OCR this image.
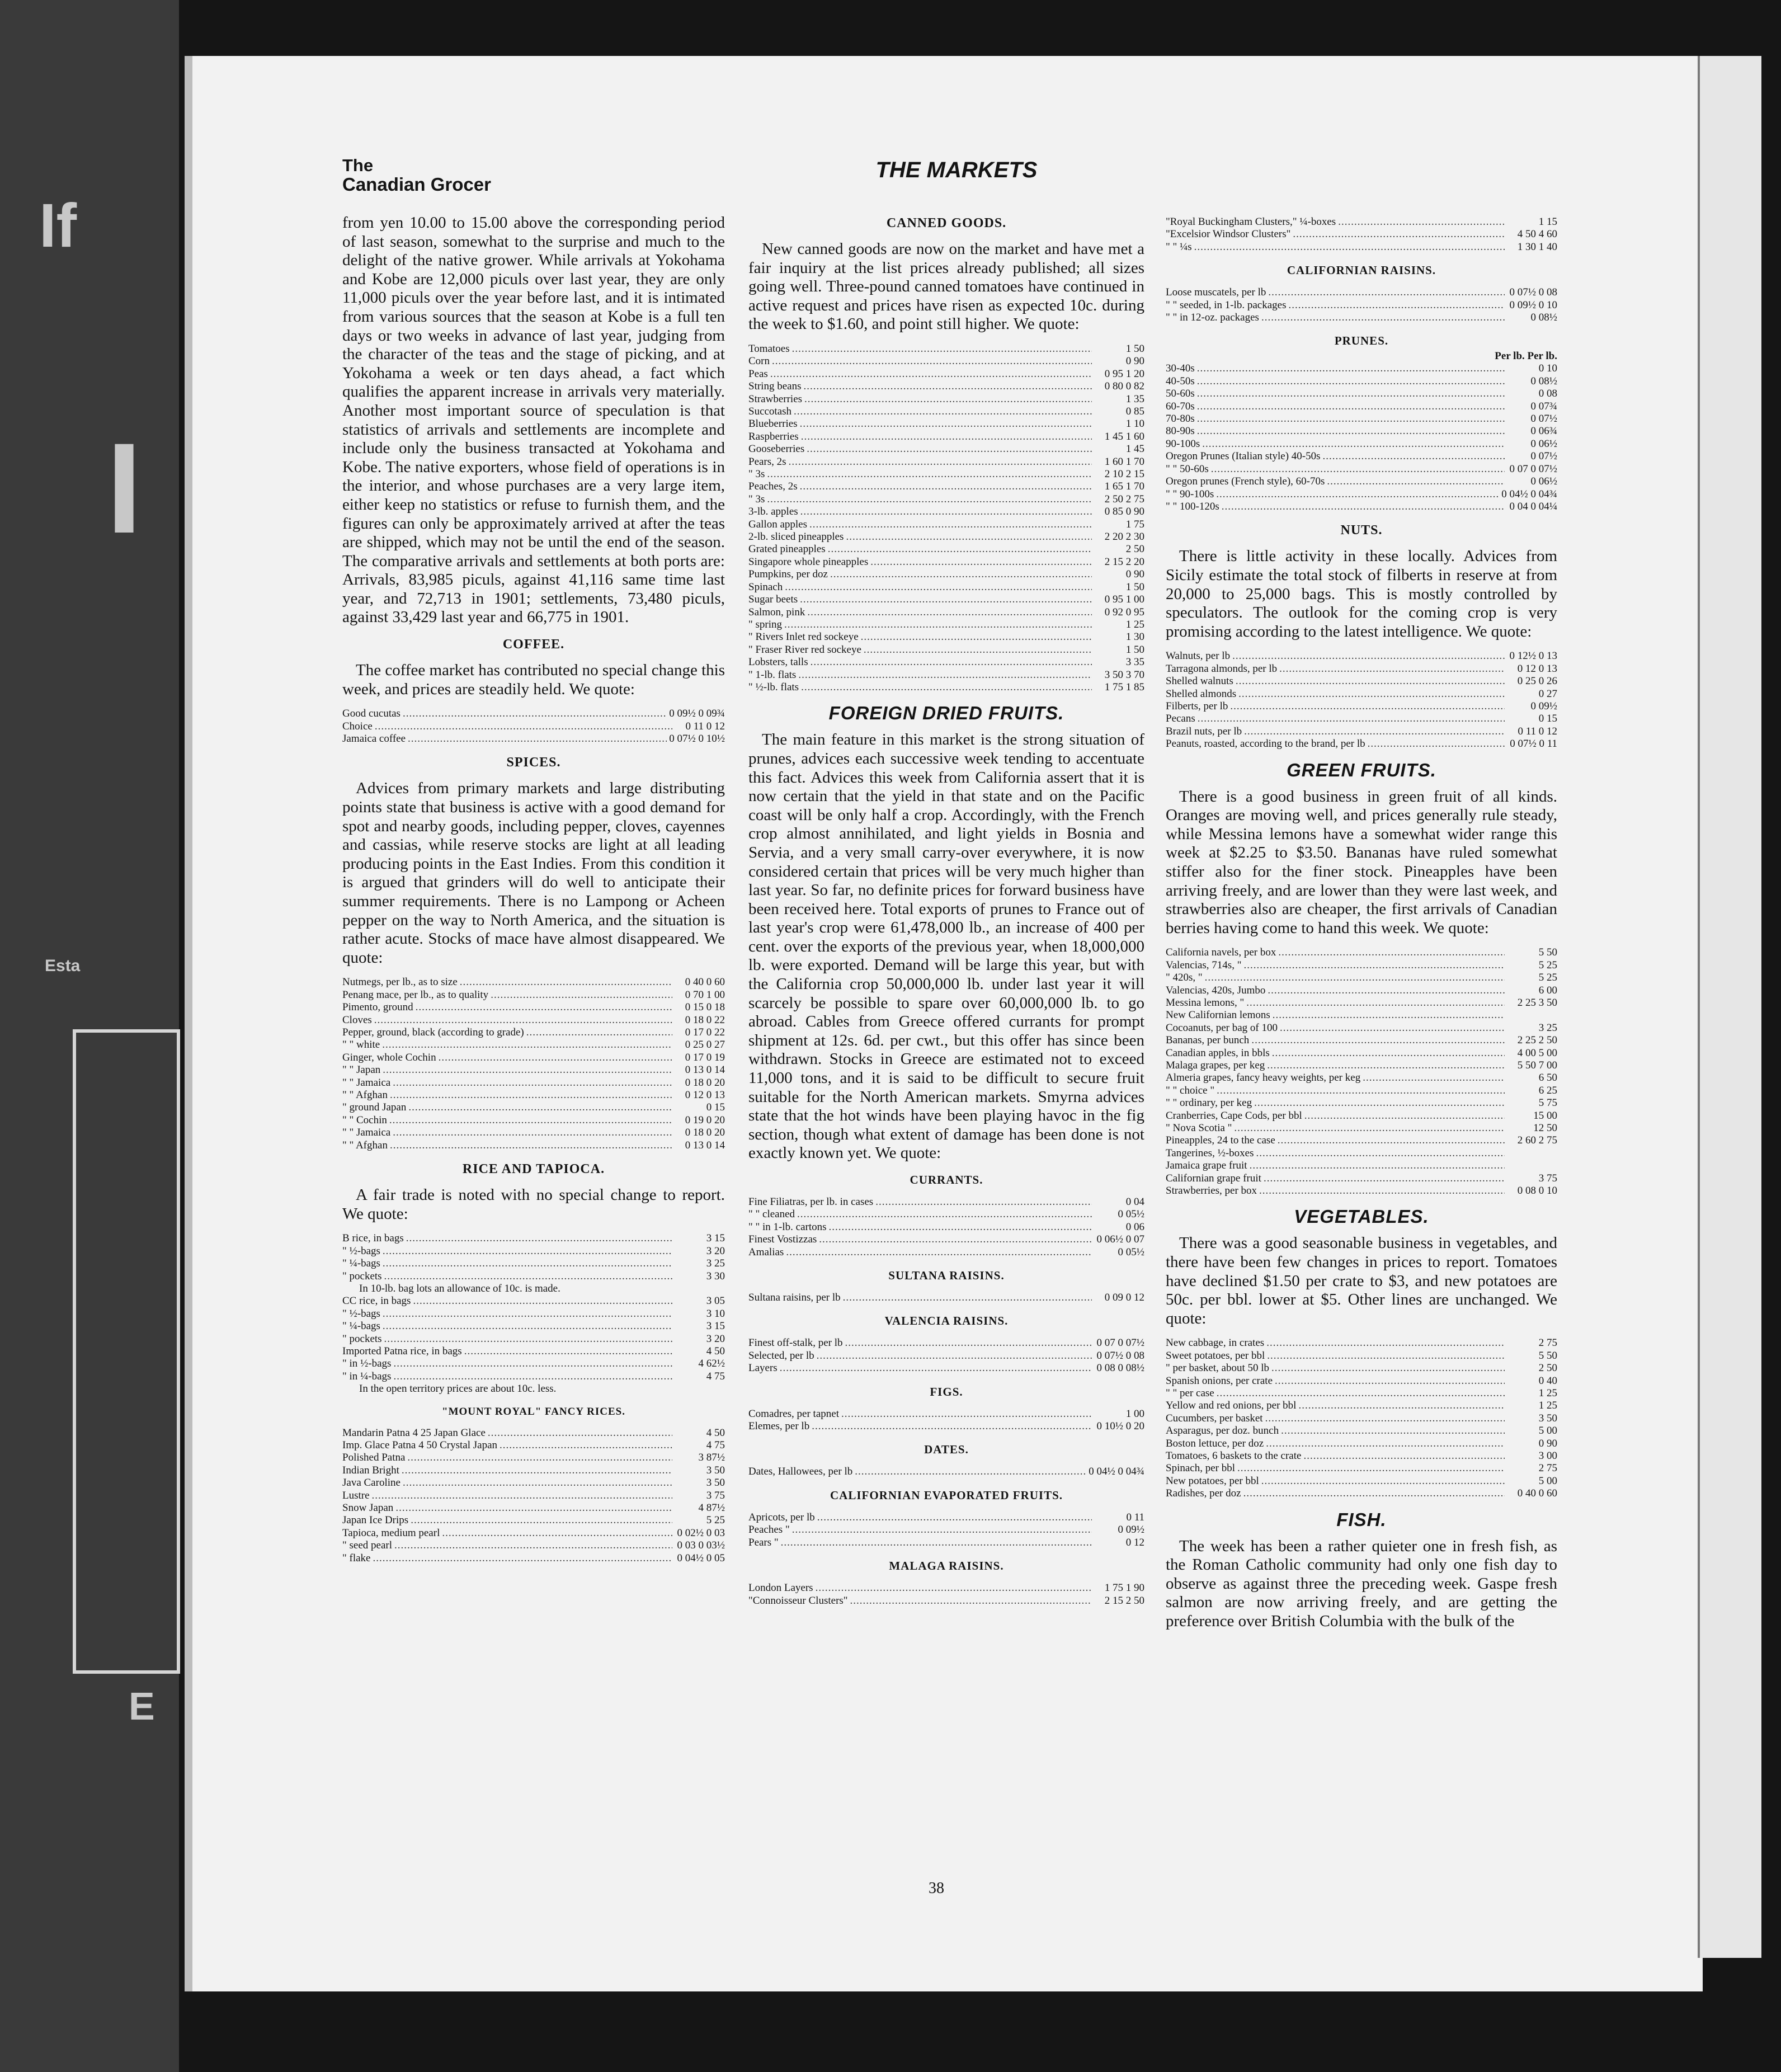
If
I
Esta
E
The
Canadian Grocer
THE MARKETS

from yen 10.00 to 15.00 above the corresponding period of last season, somewhat to the surprise and much to the delight of the native grower. While arrivals at Yokohama and Kobe are 12,000 piculs over last year, they are only 11,000 piculs over the year before last, and it is intimated from various sources that the season at Kobe is a full ten days or two weeks in advance of last year, judging from the character of the teas and the stage of picking, and at Yokohama a week or ten days ahead, a fact which qualifies the apparent increase in arrivals very materially. Another most important source of speculation is that statistics of arrivals and settlements are incomplete and include only the business transacted at Yokohama and Kobe. The native exporters, whose field of operations is in the interior, and whose purchases are a very large item, either keep no statistics or refuse to furnish them, and the figures can only be approximately arrived at after the teas are shipped, which may not be until the end of the season. The comparative arrivals and settlements at both ports are: Arrivals, 83,985 piculs, against 41,116 same time last year, and 72,713 in 1901; settlements, 73,480 piculs, against 33,429 last year and 66,775 in 1901.

COFFEE.

The coffee market has contributed no special change this week, and prices are steadily held. We quote:

Good cucutas .....	0 09½ 0 09¾
Choice .....	0 11 0 12
Jamaica coffee .....	0 07½ 0 10½
SPICES.

Advices from primary markets and large distributing points state that business is active with a good demand for spot and nearby goods, including pepper, cloves, cayennes and cassias, while reserve stocks are light at all leading producing points in the East Indies. From this condition it is argued that grinders will do well to anticipate their summer requirements. There is no Lampong or Acheen pepper on the way to North America, and the situation is rather acute. Stocks of mace have almost disappeared. We quote:

Nutmegs, per lb., as to size .....	0 40 0 60
Penang mace, per lb., as to quality .....	0 70 1 00
Pimento, ground .....	0 15 0 18
Cloves .....	0 18 0 22
Pepper, ground, black (according to grade) .....	0 17 0 22
" " white .....	0 25 0 27
Ginger, whole Cochin .....	0 17 0 19
" " Japan .....	0 13 0 14
" " Jamaica .....	0 18 0 20
" " Afghan .....	0 12 0 13
" ground Japan .....	0 15
" " Cochin .....	0 19 0 20
" " Jamaica .....	0 18 0 20
" " Afghan .....	0 13 0 14
RICE AND TAPIOCA.

A fair trade is noted with no special change to report. We quote:

B rice, in bags .....	3 15
" ½-bags .....	3 20
" ¼-bags .....	3 25
" pockets .....	3 30
In 10-lb. bag lots an allowance of 10c. is made.
CC rice, in bags .....	3 05
" ½-bags .....	3 10
" ¼-bags .....	3 15
" pockets .....	3 20
Imported Patna rice, in bags .....	4 50
" in ½-bags .....	4 62½
" in ¼-bags .....	4 75
In the open territory prices are about 10c. less.
"MOUNT ROYAL" FANCY RICES.
Mandarin Patna 4 25 Japan Glace .....	4 50
Imp. Glace Patna 4 50 Crystal Japan .....	4 75
Polished Patna .....	3 87½
Indian Bright .....	3 50
Java Caroline .....	3 50
Lustre .....	3 75
Snow Japan .....	4 87½
Japan Ice Drips .....	5 25
Tapioca, medium pearl .....	0 02½ 0 03
" seed pearl .....	0 03 0 03½
" flake .....	0 04½ 0 05
CANNED GOODS.

New canned goods are now on the market and have met a fair inquiry at the list prices already published; all sizes going well. Three-pound canned tomatoes have continued in active request and prices have risen as expected 10c. during the week to $1.60, and point still higher. We quote:

Tomatoes .....	1 50
Corn .....	0 90
Peas .....	0 95 1 20
String beans .....	0 80 0 82
Strawberries .....	1 35
Succotash .....	0 85
Blueberries .....	1 10
Raspberries .....	1 45 1 60
Gooseberries .....	1 45
Pears, 2s .....	1 60 1 70
" 3s .....	2 10 2 15
Peaches, 2s .....	1 65 1 70
" 3s .....	2 50 2 75
3-lb. apples .....	0 85 0 90
Gallon apples .....	1 75
2-lb. sliced pineapples .....	2 20 2 30
Grated pineapples .....	2 50
Singapore whole pineapples .....	2 15 2 20
Pumpkins, per doz .....	0 90
Spinach .....	1 50
Sugar beets .....	0 95 1 00
Salmon, pink .....	0 92 0 95
" spring .....	1 25
" Rivers Inlet red sockeye .....	1 30
" Fraser River red sockeye .....	1 50
Lobsters, talls .....	3 35
" 1-lb. flats .....	3 50 3 70
" ½-lb. flats .....	1 75 1 85
FOREIGN DRIED FRUITS.

The main feature in this market is the strong situation of prunes, advices each successive week tending to accentuate this fact. Advices this week from California assert that it is now certain that the yield in that state and on the Pacific coast will be only half a crop. Accordingly, with the French crop almost annihilated, and light yields in Bosnia and Servia, and a very small carry-over everywhere, it is now considered certain that prices will be very much higher than last year. So far, no definite prices for forward business have been received here. Total exports of prunes to France out of last year's crop were 61,478,000 lb., an increase of 400 per cent. over the exports of the previous year, when 18,000,000 lb. were exported. Demand will be large this year, but with the California crop 50,000,000 lb. under last year it will scarcely be possible to spare over 60,000,000 lb. to go abroad. Cables from Greece offered currants for prompt shipment at 12s. 6d. per cwt., but this offer has since been withdrawn. Stocks in Greece are estimated not to exceed 11,000 tons, and it is said to be difficult to secure fruit suitable for the North American markets. Smyrna advices state that the hot winds have been playing havoc in the fig section, though what extent of damage has been done is not exactly known yet. We quote:

CURRANTS.
Fine Filiatras, per lb. in cases .....	0 04
" " cleaned .....	0 05½
" " in 1-lb. cartons .....	0 06
Finest Vostizzas .....	0 06½ 0 07
Amalias .....	0 05½
SULTANA RAISINS.
Sultana raisins, per lb .....	0 09 0 12
VALENCIA RAISINS.
Finest off-stalk, per lb .....	0 07 0 07½
Selected, per lb .....	0 07½ 0 08
Layers .....	0 08 0 08½
FIGS.
Comadres, per tapnet .....	1 00
Elemes, per lb .....	0 10½ 0 20
DATES.
Dates, Hallowees, per lb .....	0 04½ 0 04¾
CALIFORNIAN EVAPORATED FRUITS.
Apricots, per lb .....	0 11
Peaches " .....	0 09½
Pears " .....	0 12
MALAGA RAISINS.
London Layers .....	1 75 1 90
"Connoisseur Clusters" .....	2 15 2 50
"Royal Buckingham Clusters," ¼-boxes .....	1 15
"Excelsior Windsor Clusters" .....	4 50 4 60
" " ¼s .....	1 30 1 40
CALIFORNIAN RAISINS.
Loose muscatels, per lb .....	0 07½ 0 08
" " seeded, in 1-lb. packages .....	0 09½ 0 10
" " in 12-oz. packages .....	0 08½
PRUNES.
Per lb. Per lb.
30-40s .....	0 10
40-50s .....	0 08½
50-60s .....	0 08
60-70s .....	0 07¾
70-80s .....	0 07½
80-90s .....	0 06¾
90-100s .....	0 06½
Oregon Prunes (Italian style) 40-50s .....	0 07½
" " 50-60s .....	0 07 0 07½
Oregon prunes (French style), 60-70s .....	0 06½
" " 90-100s .....	0 04½ 0 04¾
" " 100-120s .....	0 04 0 04¼
NUTS.

There is little activity in these locally. Advices from Sicily estimate the total stock of filberts in reserve at from 20,000 to 25,000 bags. This is mostly controlled by speculators. The outlook for the coming crop is very promising according to the latest intelligence. We quote:

Walnuts, per lb .....	0 12½ 0 13
Tarragona almonds, per lb .....	0 12 0 13
Shelled walnuts .....	0 25 0 26
Shelled almonds .....	0 27
Filberts, per lb .....	0 09½
Pecans .....	0 15
Brazil nuts, per lb .....	0 11 0 12
Peanuts, roasted, according to the brand, per lb .....	0 07½ 0 11
GREEN FRUITS.

There is a good business in green fruit of all kinds. Oranges are moving well, and prices generally rule steady, while Messina lemons have a somewhat wider range this week at $2.25 to $3.50. Bananas have ruled somewhat stiffer also for the finer stock. Pineapples have been arriving freely, and are lower than they were last week, and strawberries also are cheaper, the first arrivals of Canadian berries having come to hand this week. We quote:

California navels, per box .....	5 50
Valencias, 714s, " .....	5 25
" 420s, " .....	5 25
Valencias, 420s, Jumbo .....	6 00
Messina lemons, " .....	2 25 3 50
New Californian lemons
.....
Cocoanuts, per bag of 100 .....	3 25
Bananas, per bunch .....	2 25 2 50
Canadian apples, in bbls .....	4 00 5 00
Malaga grapes, per keg .....	5 50 7 00
Almeria grapes, fancy heavy weights, per keg .....	6 50
" " choice " .....	6 25
" " ordinary, per keg .....	5 75
Cranberries, Cape Cods, per bbl .....	15 00
" Nova Scotia " .....	12 50
Pineapples, 24 to the case .....	2 60 2 75
Tangerines, ½-boxes
.....
Jamaica grape fruit
.....
Californian grape fruit .....	3 75
Strawberries, per box .....	0 08 0 10
VEGETABLES.

There was a good seasonable business in vegetables, and there have been few changes in prices to report. Tomatoes have declined $1.50 per crate to $3, and new potatoes are 50c. per bbl. lower at $5. Other lines are unchanged. We quote:

New cabbage, in crates .....	2 75
Sweet potatoes, per bbl .....	5 50
" per basket, about 50 lb .....	2 50
Spanish onions, per crate .....	0 40
" " per case .....	1 25
Yellow and red onions, per bbl .....	1 25
Cucumbers, per basket .....	3 50
Asparagus, per doz. bunch .....	5 00
Boston lettuce, per doz .....	0 90
Tomatoes, 6 baskets to the crate .....	3 00
Spinach, per bbl .....	2 75
New potatoes, per bbl .....	5 00
Radishes, per doz .....	0 40 0 60
FISH.

The week has been a rather quieter one in fresh fish, as the Roman Catholic community had only one fish day to observe as against three the preceding week. Gaspe fresh salmon are now arriving freely, and are getting the preference over British Columbia with the bulk of the

38
